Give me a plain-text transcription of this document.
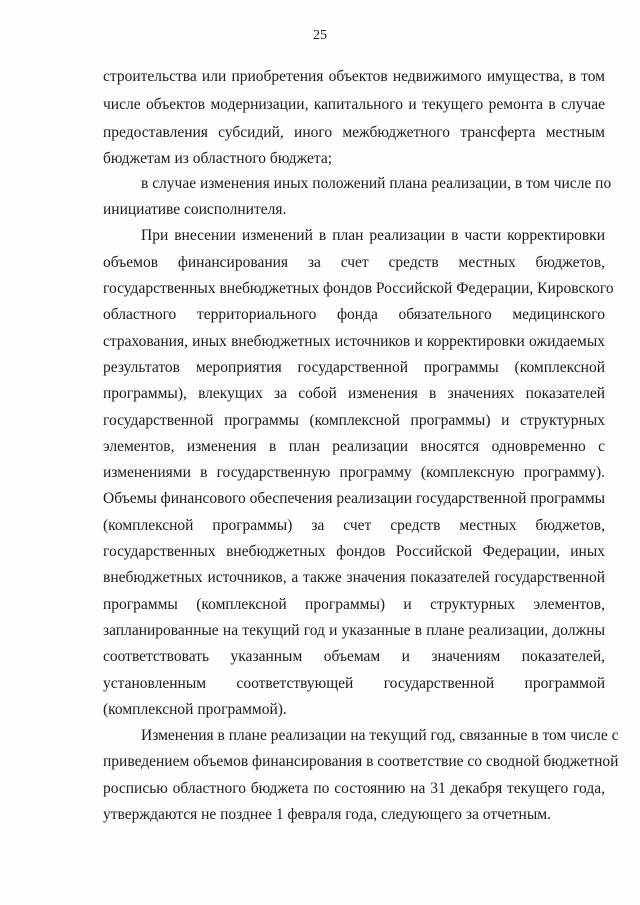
25
строительства или приобретения объектов недвижимого имущества, в том
числе объектов модернизации, капитального и текущего ремонта в случае
предоставления субсидий, иного межбюджетного трансферта местным
бюджетам из областного бюджета;
в случае изменения иных положений плана реализации, в том числе по
инициативе соисполнителя.
При внесении изменений в план реализации в части корректировки
объемов финансирования за счет средств местных бюджетов,
государственных внебюджетных фондов Российской Федерации, Кировского
областного территориального фонда обязательного медицинского
страхования, иных внебюджетных источников и корректировки ожидаемых
результатов мероприятия государственной программы (комплексной
программы), влекущих за собой изменения в значениях показателей
государственной программы (комплексной программы) и структурных
элементов, изменения в план реализации вносятся одновременно с
изменениями в государственную программу (комплексную программу).
Объемы финансового обеспечения реализации государственной программы
(комплексной программы) за счет средств местных бюджетов,
государственных внебюджетных фондов Российской Федерации, иных
внебюджетных источников, а также значения показателей государственной
программы (комплексной программы) и структурных элементов,
запланированные на текущий год и указанные в плане реализации, должны
соответствовать указанным объемам и значениям показателей,
установленным соответствующей государственной программой
(комплексной программой).
Изменения в плане реализации на текущий год, связанные в том числе с
приведением объемов финансирования в соответствие со сводной бюджетной
росписью областного бюджета по состоянию на 31 декабря текущего года,
утверждаются не позднее 1 февраля года, следующего за отчетным.
